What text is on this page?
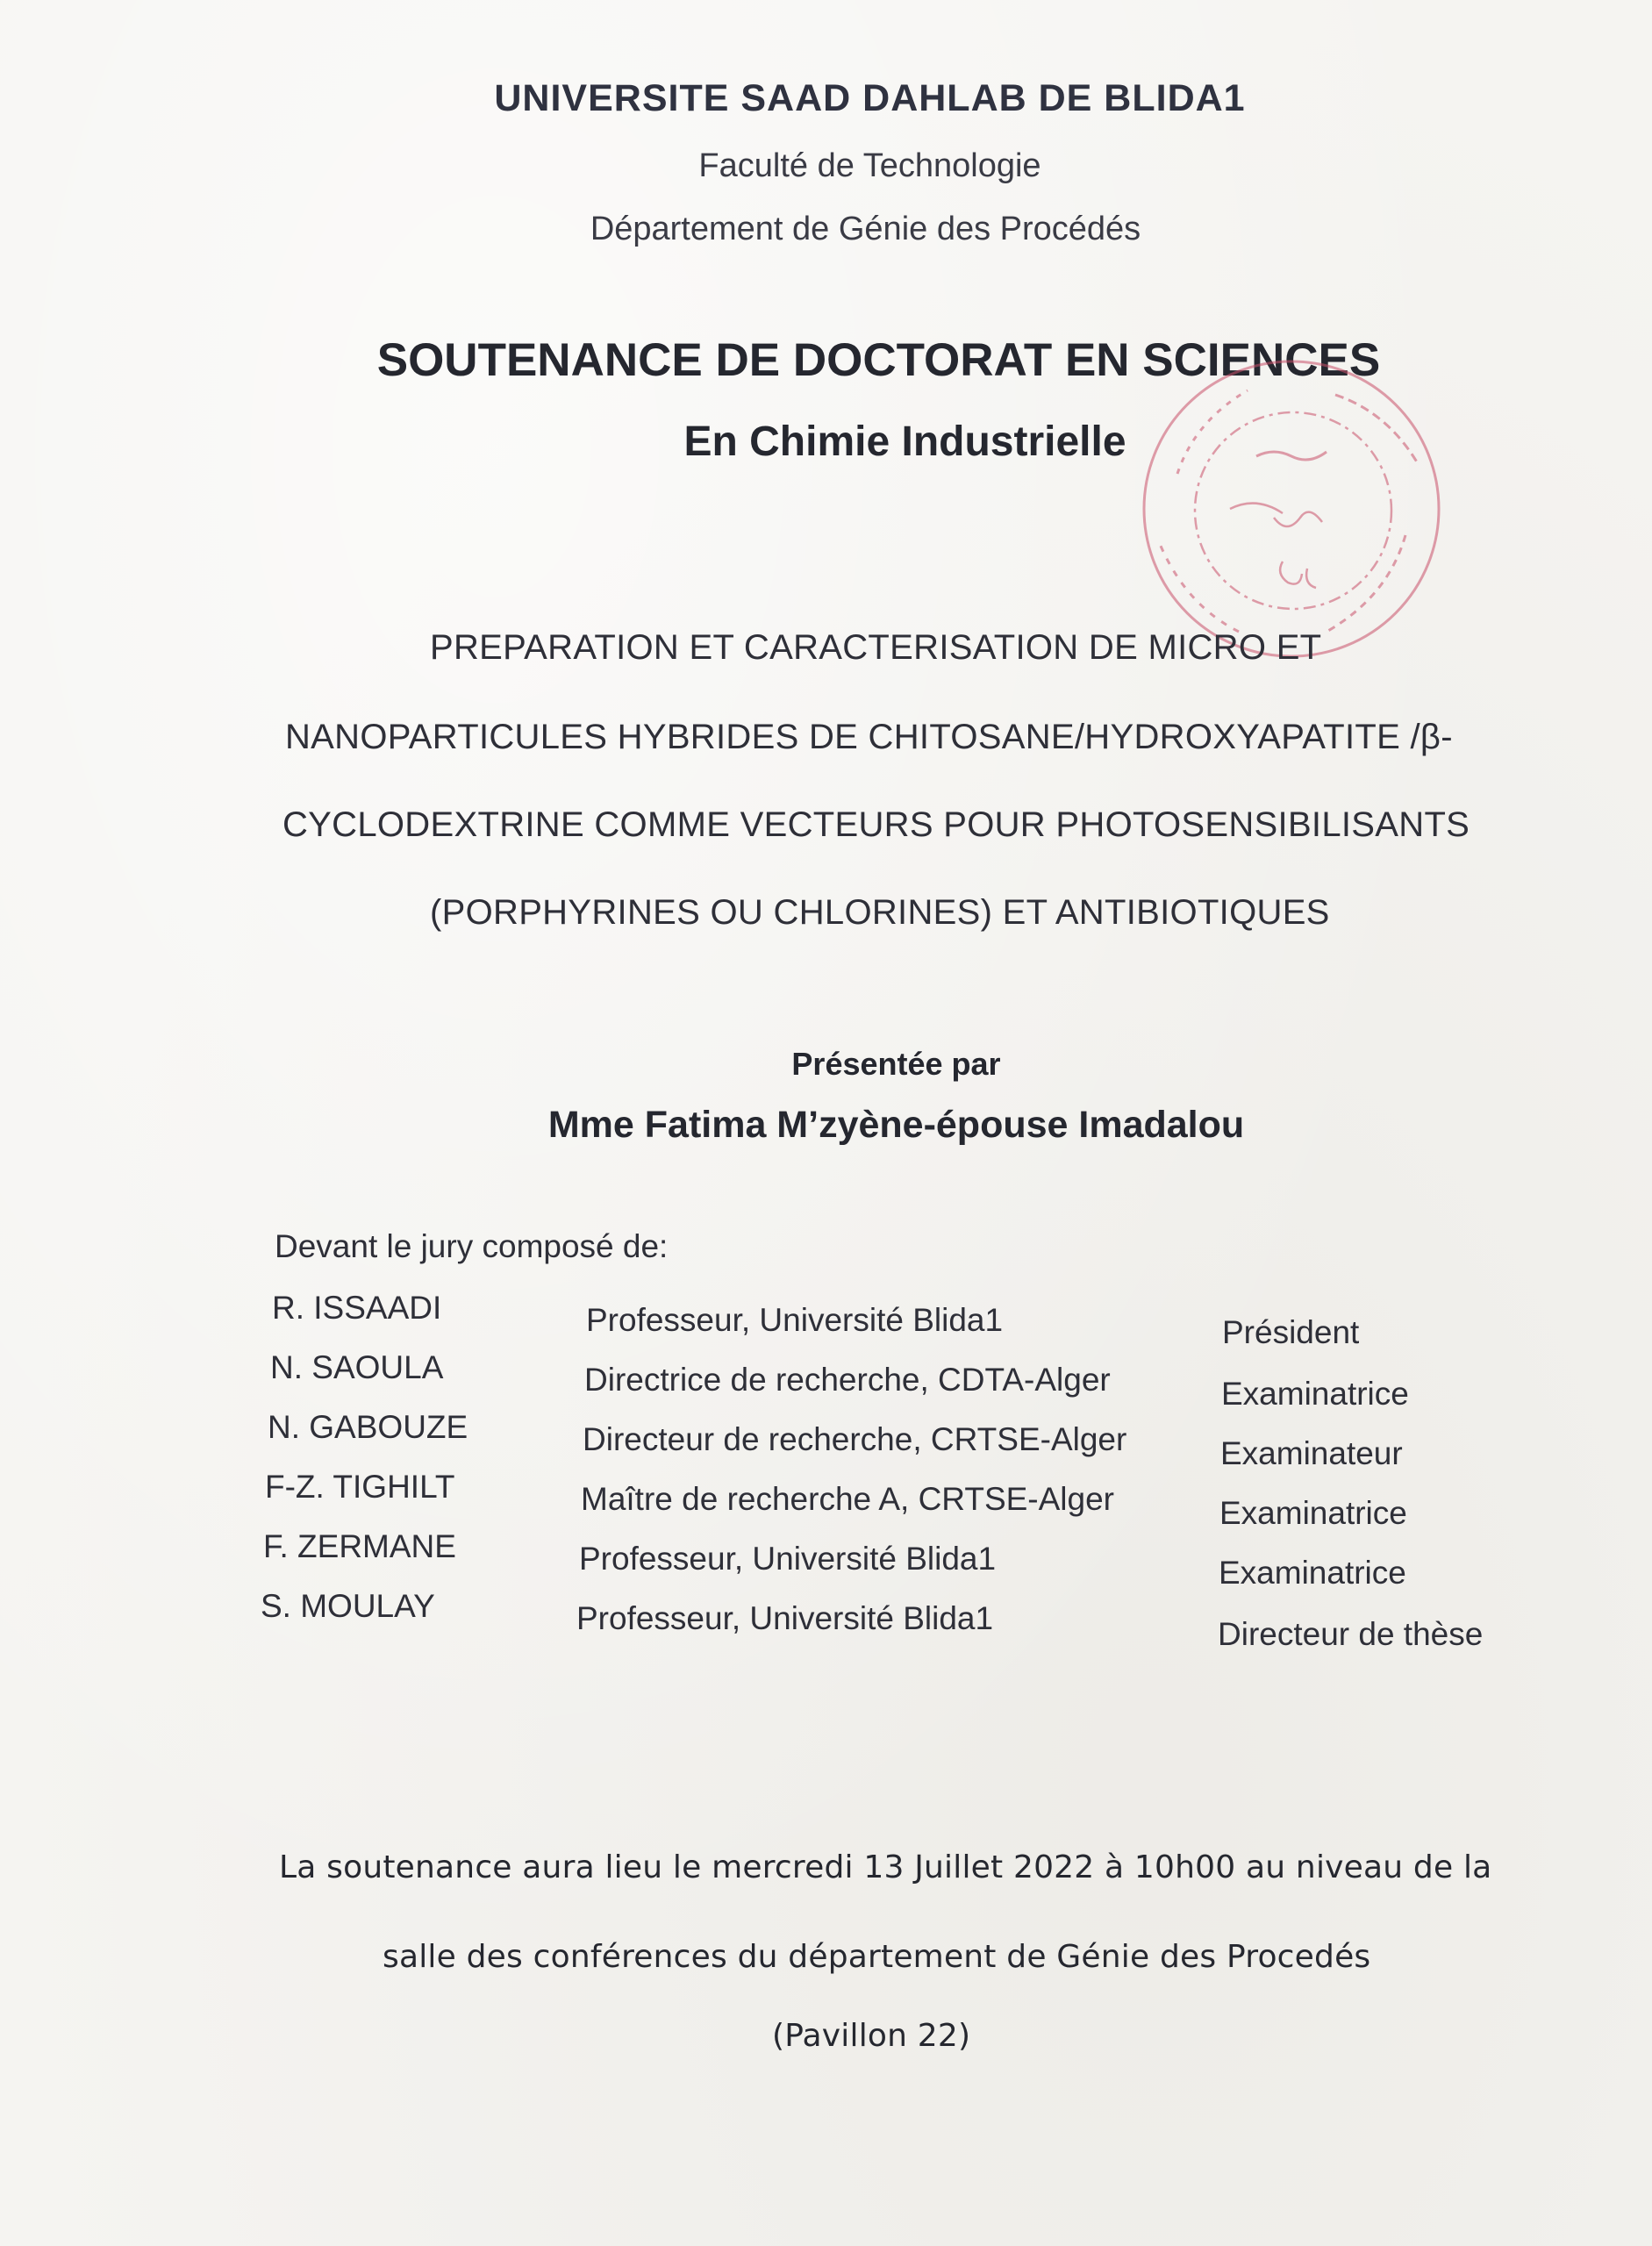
UNIVERSITE SAAD DAHLAB DE BLIDA1
Faculté de Technologie
Département de Génie des Procédés
SOUTENANCE DE DOCTORAT EN SCIENCES
En Chimie Industrielle
PREPARATION ET CARACTERISATION DE MICRO ET
NANOPARTICULES HYBRIDES DE CHITOSANE/HYDROXYAPATITE /β-
CYCLODEXTRINE COMME VECTEURS POUR PHOTOSENSIBILISANTS
(PORPHYRINES OU CHLORINES) ET ANTIBIOTIQUES
Présentée par
Mme Fatima M’zyène-épouse Imadalou
Devant le jury composé de:
R. ISSAADI	Professeur, Université Blida1	Président
N. SAOULA	Directrice de recherche, CDTA-Alger	Examinatrice
N. GABOUZE	Directeur de recherche, CRTSE-Alger	Examinateur
F-Z. TIGHILT	Maître de recherche A, CRTSE-Alger	Examinatrice
F. ZERMANE	Professeur, Université Blida1	Examinatrice
S. MOULAY	Professeur, Université Blida1	Directeur de thèse
La soutenance aura lieu le mercredi 13 Juillet 2022 à 10h00 au niveau de la
salle des conférences du département de Génie des Procedés
(Pavillon 22)
